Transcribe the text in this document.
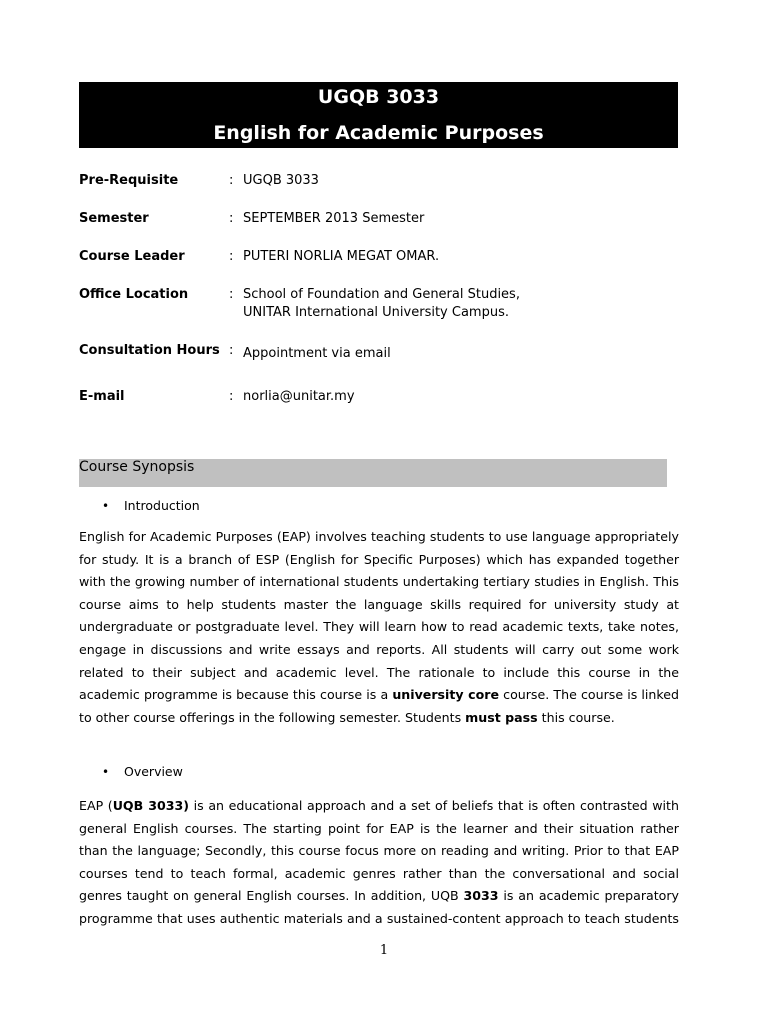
UGQB 3033
English for Academic Purposes
Pre-Requisite	: UGQB 3033
Semester	: SEPTEMBER 2013 Semester
Course Leader	: PUTERI NORLIA MEGAT OMAR.
Office Location	: School of Foundation and General Studies,
UNITAR International University Campus.
Consultation Hours : Appointment via email
E-mail	: norlia@unitar.my
Course Synopsis
• Introduction
English for Academic Purposes (EAP) involves teaching students to use language appropriately
for study. It is a branch of ESP (English for Specific Purposes) which has expanded together
with the growing number of international students undertaking tertiary studies in English. This
course aims to help students master the language skills required for university study at
undergraduate or postgraduate level. They will learn how to read academic texts, take notes,
engage in discussions and write essays and reports. All students will carry out some work
related to their subject and academic level. The rationale to include this course in the
academic programme is because this course is a university core course. The course is linked
to other course offerings in the following semester. Students must pass this course.
• Overview
EAP (UQB 3033) is an educational approach and a set of beliefs that is often contrasted with
general English courses. The starting point for EAP is the learner and their situation rather
than the language; Secondly, this course focus more on reading and writing. Prior to that EAP
courses tend to teach formal, academic genres rather than the conversational and social
genres taught on general English courses. In addition, UQB 3033 is an academic preparatory
programme that uses authentic materials and a sustained-content approach to teach students
1
